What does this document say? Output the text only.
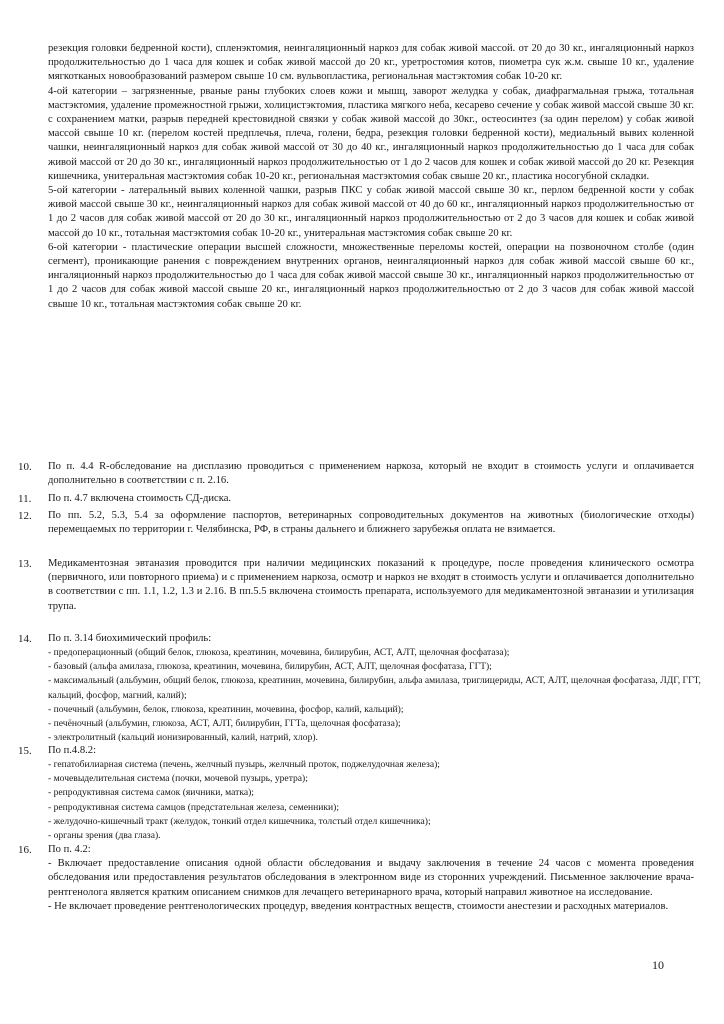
резекция головки бедренной кости), спленэктомия, неингаляционный наркоз для собак живой массой. от 20 до 30 кг., ингаляционный наркоз продолжительностью до 1 часа для кошек и собак живой массой до 20 кг., уретростомия котов, пиометра сук ж.м. свыше 10 кг., удаление мягкотканых новообразований размером свыше 10 см. вульвопластика, региональная мастэктомия собак 10-20 кг.

4-ой категории – загрязненные, рваные раны глубоких слоев кожи и мышц, заворот желудка у собак, диафрагмальная грыжа, тотальная мастэктомия, удаление промежностной грыжи, холицистэктомия, пластика мягкого неба, кесарево сечение у собак живой массой свыше 30 кг. с сохранением матки, разрыв передней крестовидной связки у собак живой массой до 30кг., остеосинтез (за один перелом) у собак живой массой свыше 10 кг. (перелом костей предплечья, плеча, голени, бедра, резекция головки бедренной кости), медиальный вывих коленной чашки, неингаляционный наркоз для собак живой массой от 30 до 40 кг., ингаляционный наркоз продолжительностью до 1 часа для собак живой массой от 20 до 30 кг., ингаляционный наркоз продолжительностью от 1 до 2 часов для кошек и собак живой массой до 20 кг. Резекция кишечника, унитеральная мастэктомия собак 10-20 кг., региональная мастэктомия собак свыше 20 кг., пластика носогубной складки.

5-ой категории - латеральный вывих коленной чашки, разрыв ПКС у собак живой массой свыше 30 кг., перлом бедренной кости у собак живой массой свыше 30 кг., неингаляционный наркоз для собак живой массой от 40 до 60 кг., ингаляционный наркоз продолжительностью от 1 до 2 часов для собак живой массой от 20 до 30 кг., ингаляционный наркоз продолжительностью от 2 до 3 часов для кошек и собак живой массой до 10 кг., тотальная мастэктомия собак 10-20 кг., унитеральная мастэктомия собак свыше 20 кг.

6-ой категории - пластические операции высшей сложности, множественные переломы костей, операции на позвоночном столбе (один сегмент), проникающие ранения с повреждением внутренних органов, неингаляционный наркоз для собак живой массой свыше 60 кг., ингаляционный наркоз продолжительностью до 1 часа для собак живой массой свыше 30 кг., ингаляционный наркоз продолжительностью от 1 до 2 часов для собак живой массой свыше 20 кг., ингаляционный наркоз продолжительностью от 2 до 3 часов для собак живой массой свыше 10 кг., тотальная мастэктомия собак свыше 20 кг.

10. По п. 4.4 R-обследование на дисплазию проводиться с применением наркоза, который не входит в стоимость услуги и оплачивается дополнительно в соответствии с п. 2.16.

11. По п. 4.7 включена стоимость СД-диска.

12. По пп. 5.2, 5.3, 5.4 за оформление паспортов, ветеринарных сопроводительных документов на животных (биологические отходы) перемещаемых по территории г. Челябинска, РФ, в страны дальнего и ближнего зарубежья оплата не взимается.

13. Медикаментозная эвтаназия проводится при наличии медицинских показаний к процедуре, после проведения клинического осмотра (первичного, или повторного приема) и с применением наркоза, осмотр и наркоз не входят в стоимость услуги и оплачивается дополнительно в соответствии с пп. 1.1, 1.2, 1.3 и 2.16. В пп.5.5 включена стоимость препарата, используемого для медикаментозной эвтаназии и утилизация трупа.

14. По п. 3.14 биохимический профиль:

- предоперационный (общий белок, глюкоза, креатинин, мочевина, билирубин, АСТ, АЛТ, щелочная фосфатаза);
- базовый (альфа амилаза, глюкоза, креатинин, мочевина, билирубин, АСТ, АЛТ, щелочная фосфатаза, ГГТ);
- максимальный (альбумин, общий белок, глюкоза, креатинин, мочевина, билирубин, альфа амилаза, триглицериды, АСТ, АЛТ, щелочная фосфатаза, ЛДГ, ГГТ, кальций, фосфор, магний, калий);
- почечный (альбумин, белок, глюкоза, креатинин, мочевина, фосфор, калий, кальций);
- печёночный (альбумин, глюкоза, АСТ, АЛТ, билирубин, ГГТа, щелочная фосфатаза);
- электролитный (кальций ионизированный, калий, натрий, хлор).
15. По п.4.8.2:

- гепатобилиарная система (печень, желчный пузырь, желчный проток, поджелудочная железа);
- мочевыделительная система (почки, мочевой пузырь, уретра);
- репродуктивная система самок (яичники, матка);
- репродуктивная система самцов (предстательная железа, семенники);
- желудочно-кишечный тракт (желудок, тонкий отдел кишечника, толстый отдел кишечника);
- органы зрения (два глаза).
16. По п. 4.2:

- Включает предоставление описания одной области обследования и выдачу заключения в течение 24 часов с момента проведения обследования или предоставления результатов обследования в электронном виде из сторонних учреждений. Письменное заключение врача-рентгенолога является кратким описанием снимков для лечащего ветеринарного врача, который направил животное на исследование.

- Не включает проведение рентгенологических процедур, введения контрастных веществ, стоимости анестезии и расходных материалов.

10
